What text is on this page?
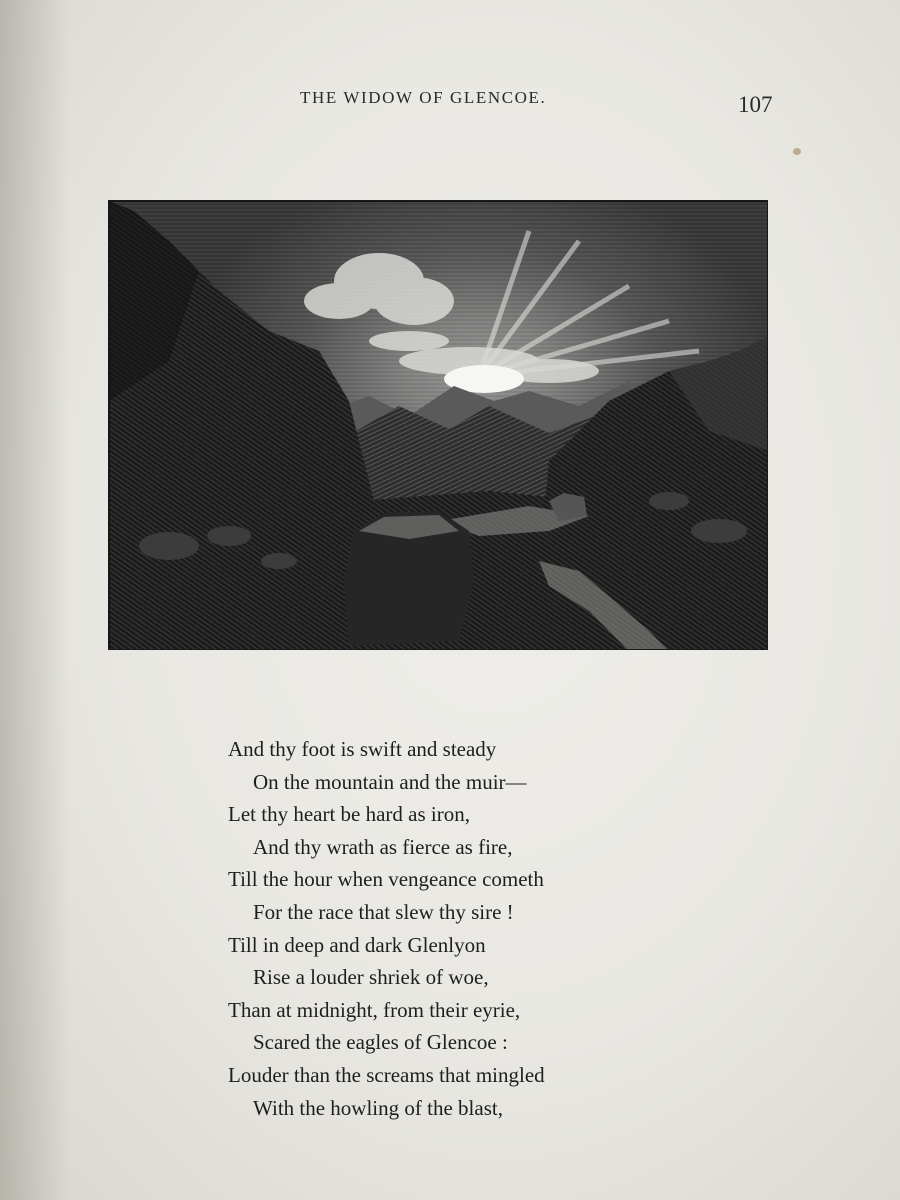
THE WIDOW OF GLENCOE.	107
And thy foot is swift and steady
On the mountain and the muir—
Let thy heart be hard as iron,
And thy wrath as fierce as fire,
Till the hour when vengeance cometh
For the race that slew thy sire !
Till in deep and dark Glenlyon
Rise a louder shriek of woe,
Than at midnight, from their eyrie,
Scared the eagles of Glencoe :
Louder than the screams that mingled
With the howling of the blast,
